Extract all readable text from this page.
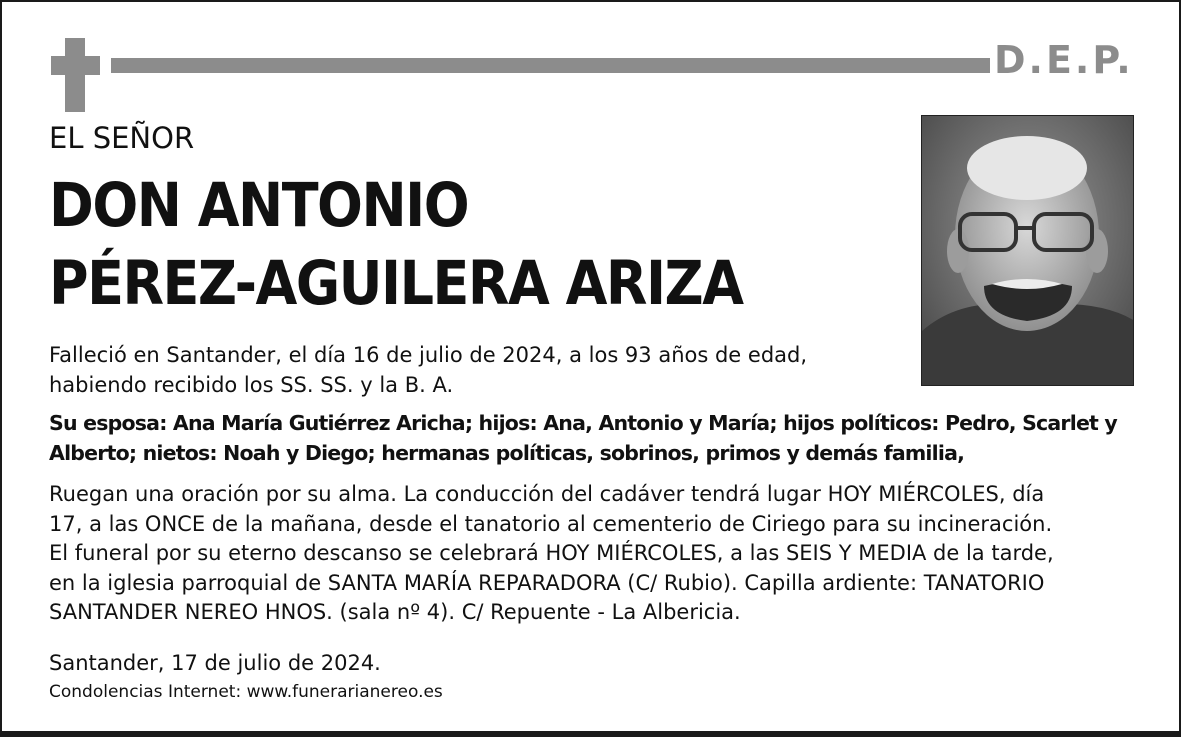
D.E.P.
EL SEÑOR
DON ANTONIO
PÉREZ-AGUILERA ARIZA
Falleció en Santander, el día 16 de julio de 2024, a los 93 años de edad,
habiendo recibido los SS. SS. y la B. A.
Su esposa: Ana María Gutiérrez Aricha; hijos: Ana, Antonio y María; hijos políticos: Pedro, Scarlet y
Alberto; nietos: Noah y Diego; hermanas políticas, sobrinos, primos y demás familia,
Ruegan una oración por su alma. La conducción del cadáver tendrá lugar HOY MIÉRCOLES, día
17, a las ONCE de la mañana, desde el tanatorio al cementerio de Ciriego para su incineración.
El funeral por su eterno descanso se celebrará HOY MIÉRCOLES, a las SEIS Y MEDIA de la tarde,
en la iglesia parroquial de SANTA MARÍA REPARADORA (C/ Rubio). Capilla ardiente: TANATORIO
SANTANDER NEREO HNOS. (sala nº 4). C/ Repuente - La Albericia.
Santander, 17 de julio de 2024.
Condolencias Internet: www.funerarianereo.es
